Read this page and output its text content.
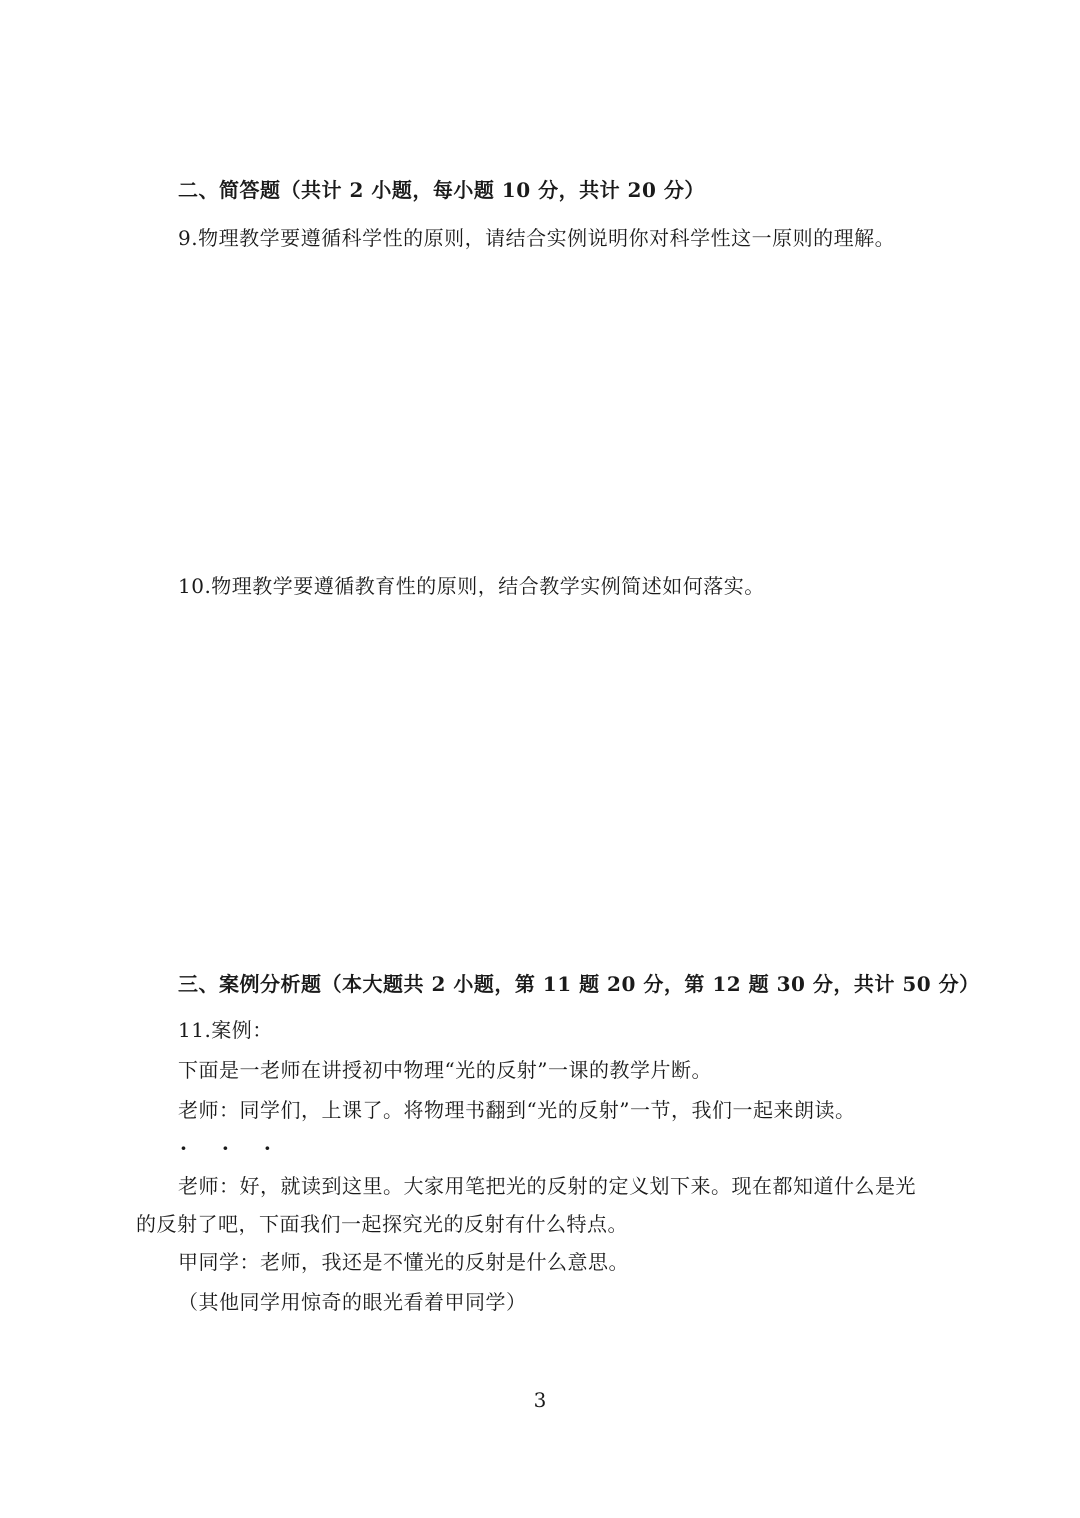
二、简答题（共计 2 小题，每小题 10 分，共计 20 分）
9.物理教学要遵循科学性的原则，请结合实例说明你对科学性这一原则的理解。
10.物理教学要遵循教育性的原则，结合教学实例简述如何落实。
三、案例分析题（本大题共 2 小题，第 11 题 20 分，第 12 题 30 分，共计 50 分）
11.案例：
下面是一老师在讲授初中物理“光的反射”一课的教学片断。
老师：同学们，上课了。将物理书翻到“光的反射”一节，我们一起来朗读。
· · ·
老师：好，就读到这里。大家用笔把光的反射的定义划下来。现在都知道什么是光
的反射了吧，下面我们一起探究光的反射有什么特点。
甲同学：老师，我还是不懂光的反射是什么意思。
（其他同学用惊奇的眼光看着甲同学）
3
